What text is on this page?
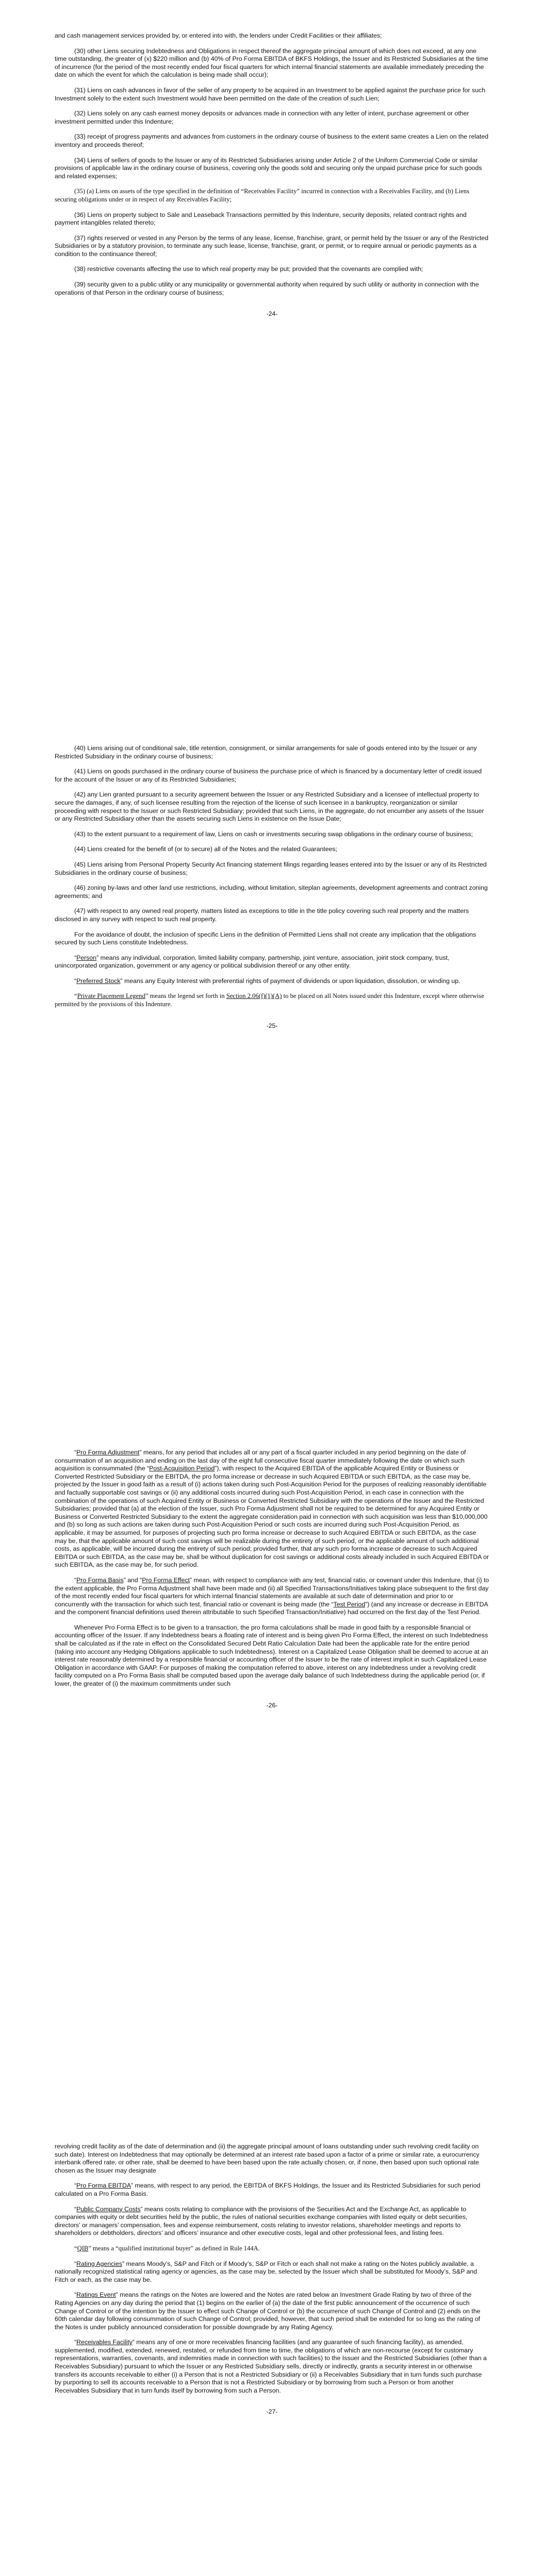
and cash management services provided by, or entered into with, the lenders under Credit Facilities or their affiliates;

(30) other Liens securing Indebtedness and Obligations in respect thereof the aggregate principal amount of which does not exceed, at any one time outstanding, the greater of (x) $220 million and (b) 40% of Pro Forma EBITDA of BKFS Holdings, the Issuer and its Restricted Subsidiaries at the time of incurrence (for the period of the most recently ended four fiscal quarters for which internal financial statements are available immediately preceding the date on which the event for which the calculation is being made shall occur);

(31) Liens on cash advances in favor of the seller of any property to be acquired in an Investment to be applied against the purchase price for such Investment solely to the extent such Investment would have been permitted on the date of the creation of such Lien;

(32) Liens solely on any cash earnest money deposits or advances made in connection with any letter of intent, purchase agreement or other investment permitted under this Indenture;

(33) receipt of progress payments and advances from customers in the ordinary course of business to the extent same creates a Lien on the related inventory and proceeds thereof;

(34) Liens of sellers of goods to the Issuer or any of its Restricted Subsidiaries arising under Article 2 of the Uniform Commercial Code or similar provisions of applicable law in the ordinary course of business, covering only the goods sold and securing only the unpaid purchase price for such goods and related expenses;

(35) (a) Liens on assets of the type specified in the definition of “Receivables Facility” incurred in connection with a Receivables Facility, and (b) Liens securing obligations under or in respect of any Receivables Facility;

(36) Liens on property subject to Sale and Leaseback Transactions permitted by this Indenture, security deposits, related contract rights and payment intangibles related thereto;

(37) rights reserved or vested in any Person by the terms of any lease, license, franchise, grant, or permit held by the Issuer or any of the Restricted Subsidiaries or by a statutory provision, to terminate any such lease, license, franchise, grant, or permit, or to require annual or periodic payments as a condition to the continuance thereof;

(38) restrictive covenants affecting the use to which real property may be put; provided that the covenants are complied with;

(39) security given to a public utility or any municipality or governmental authority when required by such utility or authority in connection with the operations of that Person in the ordinary course of business;

-24-

(40) Liens arising out of conditional sale, title retention, consignment, or similar arrangements for sale of goods entered into by the Issuer or any Restricted Subsidiary in the ordinary course of business;

(41) Liens on goods purchased in the ordinary course of business the purchase price of which is financed by a documentary letter of credit issued for the account of the Issuer or any of its Restricted Subsidiaries;

(42) any Lien granted pursuant to a security agreement between the Issuer or any Restricted Subsidiary and a licensee of intellectual property to secure the damages, if any, of such licensee resulting from the rejection of the license of such licensee in a bankruptcy, reorganization or similar proceeding with respect to the Issuer or such Restricted Subsidiary; provided that such Liens, in the aggregate, do not encumber any assets of the Issuer or any Restricted Subsidiary other than the assets securing such Liens in existence on the Issue Date;

(43) to the extent pursuant to a requirement of law, Liens on cash or investments securing swap obligations in the ordinary course of business;

(44) Liens created for the benefit of (or to secure) all of the Notes and the related Guarantees;

(45) Liens arising from Personal Property Security Act financing statement filings regarding leases entered into by the Issuer or any of its Restricted Subsidiaries in the ordinary course of business;

(46) zoning by-laws and other land use restrictions, including, without limitation, siteplan agreements, development agreements and contract zoning agreements; and

(47) with respect to any owned real property, matters listed as exceptions to title in the title policy covering such real property and the matters disclosed in any survey with respect to such real property.

For the avoidance of doubt, the inclusion of specific Liens in the definition of Permitted Liens shall not create any implication that the obligations secured by such Liens constitute Indebtedness.

“Person” means any individual, corporation, limited liability company, partnership, joint venture, association, joint stock company, trust, unincorporated organization, government or any agency or political subdivision thereof or any other entity.

“Preferred Stock” means any Equity Interest with preferential rights of payment of dividends or upon liquidation, dissolution, or winding up.

“Private Placement Legend” means the legend set forth in Section 2.06(f)(1)(A) to be placed on all Notes issued under this Indenture, except where otherwise permitted by the provisions of this Indenture.

-25-

“Pro Forma Adjustment” means, for any period that includes all or any part of a fiscal quarter included in any period beginning on the date of consummation of an acquisition and ending on the last day of the eight full consecutive fiscal quarter immediately following the date on which such acquisition is consummated (the “Post-Acquisition Period”), with respect to the Acquired EBITDA of the applicable Acquired Entity or Business or Converted Restricted Subsidiary or the EBITDA, the pro forma increase or decrease in such Acquired EBITDA or such EBITDA, as the case may be, projected by the Issuer in good faith as a result of (i) actions taken during such Post-Acquisition Period for the purposes of realizing reasonably identifiable and factually supportable cost savings or (ii) any additional costs incurred during such Post-Acquisition Period, in each case in connection with the combination of the operations of such Acquired Entity or Business or Converted Restricted Subsidiary with the operations of the Issuer and the Restricted Subsidiaries; provided that (a) at the election of the Issuer, such Pro Forma Adjustment shall not be required to be determined for any Acquired Entity or Business or Converted Restricted Subsidiary to the extent the aggregate consideration paid in connection with such acquisition was less than $10,000,000 and (b) so long as such actions are taken during such Post-Acquisition Period or such costs are incurred during such Post-Acquisition Period, as applicable, it may be assumed, for purposes of projecting such pro forma increase or decrease to such Acquired EBITDA or such EBITDA, as the case may be, that the applicable amount of such cost savings will be realizable during the entirety of such period, or the applicable amount of such additional costs, as applicable, will be incurred during the entirety of such period; provided further, that any such pro forma increase or decrease to such Acquired EBITDA or such EBITDA, as the case may be, shall be without duplication for cost savings or additional costs already included in such Acquired EBITDA or such EBITDA, as the case may be, for such period.

“Pro Forma Basis” and “Pro Forma Effect” mean, with respect to compliance with any test, financial ratio, or covenant under this Indenture, that (i) to the extent applicable, the Pro Forma Adjustment shall have been made and (ii) all Specified Transactions/Initiatives taking place subsequent to the first day of the most recently ended four fiscal quarters for which internal financial statements are available at such date of determination and prior to or concurrently with the transaction for which such test, financial ratio or covenant is being made (the “Test Period”) (and any increase or decrease in EBITDA and the component financial definitions used therein attributable to such Specified Transaction/Initiative) had occurred on the first day of the Test Period.

Whenever Pro Forma Effect is to be given to a transaction, the pro forma calculations shall be made in good faith by a responsible financial or accounting officer of the Issuer. If any Indebtedness bears a floating rate of interest and is being given Pro Forma Effect, the interest on such Indebtedness shall be calculated as if the rate in effect on the Consolidated Secured Debt Ratio Calculation Date had been the applicable rate for the entire period (taking into account any Hedging Obligations applicable to such Indebtedness). Interest on a Capitalized Lease Obligation shall be deemed to accrue at an interest rate reasonably determined by a responsible financial or accounting officer of the Issuer to be the rate of interest implicit in such Capitalized Lease Obligation in accordance with GAAP. For purposes of making the computation referred to above, interest on any Indebtedness under a revolving credit facility computed on a Pro Forma Basis shall be computed based upon the average daily balance of such Indebtedness during the applicable period (or, if lower, the greater of (i) the maximum commitments under such

-26-

revolving credit facility as of the date of determination and (ii) the aggregate principal amount of loans outstanding under such revolving credit facility on such date). Interest on Indebtedness that may optionally be determined at an interest rate based upon a factor of a prime or similar rate, a eurocurrency interbank offered rate, or other rate, shall be deemed to have been based upon the rate actually chosen, or, if none, then based upon such optional rate chosen as the Issuer may designate

“Pro Forma EBITDA” means, with respect to any period, the EBITDA of BKFS Holdings, the Issuer and its Restricted Subsidiaries for such period calculated on a Pro Forma Basis.

“Public Company Costs” means costs relating to compliance with the provisions of the Securities Act and the Exchange Act, as applicable to companies with equity or debt securities held by the public, the rules of national securities exchange companies with listed equity or debt securities, directors’ or managers’ compensation, fees and expense reimbursement, costs relating to investor relations, shareholder meetings and reports to shareholders or debtholders, directors’ and officers’ insurance and other executive costs, legal and other professional fees, and listing fees.

“QIB” means a “qualified institutional buyer” as defined in Rule 144A.

“Rating Agencies” means Moody’s, S&P and Fitch or if Moody’s, S&P or Fitch or each shall not make a rating on the Notes publicly available, a nationally recognized statistical rating agency or agencies, as the case may be, selected by the Issuer which shall be substituted for Moody’s, S&P and Fitch or each, as the case may be.

“Ratings Event” means the ratings on the Notes are lowered and the Notes are rated below an Investment Grade Rating by two of three of the Rating Agencies on any day during the period that (1) begins on the earlier of (a) the date of the first public announcement of the occurrence of such Change of Control or of the intention by the Issuer to effect such Change of Control or (b) the occurrence of such Change of Control and (2) ends on the 60th calendar day following consummation of such Change of Control; provided, however, that such period shall be extended for so long as the rating of the Notes is under publicly announced consideration for possible downgrade by any Rating Agency.

“Receivables Facility” means any of one or more receivables financing facilities (and any guarantee of such financing facility), as amended, supplemented, modified, extended, renewed, restated, or refunded from time to time, the obligations of which are non-recourse (except for customary representations, warranties, covenants, and indemnities made in connection with such facilities) to the Issuer and the Restricted Subsidiaries (other than a Receivables Subsidiary) pursuant to which the Issuer or any Restricted Subsidiary sells, directly or indirectly, grants a security interest in or otherwise transfers its accounts receivable to either (i) a Person that is not a Restricted Subsidiary or (ii) a Receivables Subsidiary that in turn funds such purchase by purporting to sell its accounts receivable to a Person that is not a Restricted Subsidiary or by borrowing from such a Person or from another Receivables Subsidiary that in turn funds itself by borrowing from such a Person.

-27-
